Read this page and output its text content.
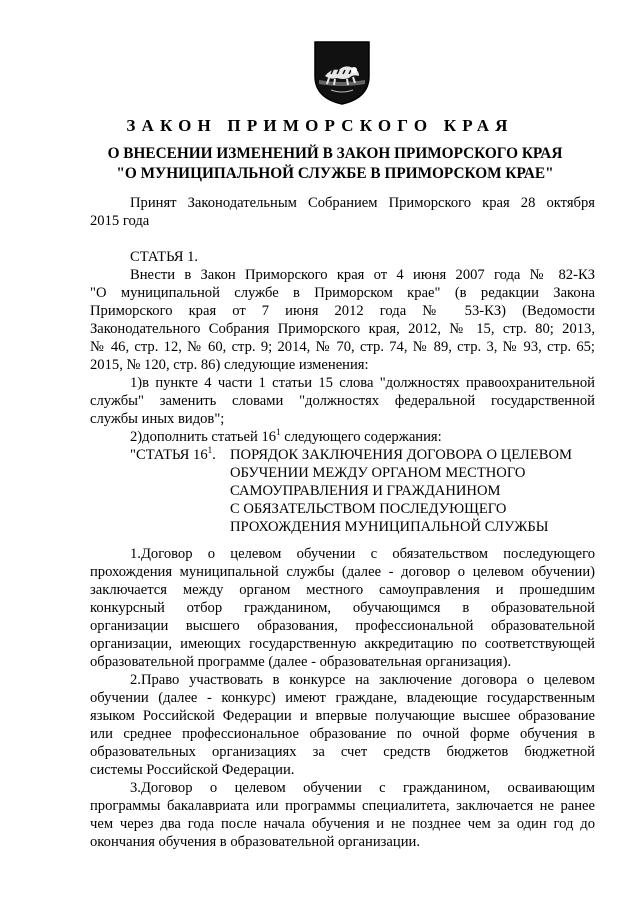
ЗАКОН ПРИМОРСКОГО КРАЯ
О ВНЕСЕНИИ ИЗМЕНЕНИЙ В ЗАКОН ПРИМОРСКОГО КРАЯ
"О МУНИЦИПАЛЬНОЙ СЛУЖБЕ В ПРИМОРСКОМ КРАЕ"
Принят Законодательным Собранием Приморского края 28 октября
2015 года
СТАТЬЯ 1.
Внести в Закон Приморского края от 4 июня 2007 года № 82-КЗ
"О муниципальной службе в Приморском крае" (в редакции Закона
Приморского края от 7 июня 2012 года № 53-КЗ) (Ведомости
Законодательного Собрания Приморского края, 2012, № 15, стр. 80; 2013,
№ 46, стр. 12, № 60, стр. 9; 2014, № 70, стр. 74, № 89, стр. 3, № 93, стр. 65;
2015, № 120, стр. 86) следующие изменения:
1)в пункте 4 части 1 статьи 15 слова "должностях правоохранительной
службы" заменить словами "должностях федеральной государственной
службы иных видов";
2)дополнить статьей $16^1$ следующего содержания:
"СТАТЬЯ $16^1$. ПОРЯДОК ЗАКЛЮЧЕНИЯ ДОГОВОРА О ЦЕЛЕВОМ
ОБУЧЕНИИ МЕЖДУ ОРГАНОМ МЕСТНОГО
САМОУПРАВЛЕНИЯ И ГРАЖДАНИНОМ
С ОБЯЗАТЕЛЬСТВОМ ПОСЛЕДУЮЩЕГО
ПРОХОЖДЕНИЯ МУНИЦИПАЛЬНОЙ СЛУЖБЫ
1.Договор о целевом обучении с обязательством последующего
прохождения муниципальной службы (далее - договор о целевом обучении)
заключается между органом местного самоуправления и прошедшим
конкурсный отбор гражданином, обучающимся в образовательной
организации высшего образования, профессиональной образовательной
организации, имеющих государственную аккредитацию по соответствующей
образовательной программе (далее - образовательная организация).
2.Право участвовать в конкурсе на заключение договора о целевом
обучении (далее - конкурс) имеют граждане, владеющие государственным
языком Российской Федерации и впервые получающие высшее образование
или среднее профессиональное образование по очной форме обучения в
образовательных организациях за счет средств бюджетов бюджетной
системы Российской Федерации.
3.Договор о целевом обучении с гражданином, осваивающим
программы бакалавриата или программы специалитета, заключается не ранее
чем через два года после начала обучения и не позднее чем за один год до
окончания обучения в образовательной организации.
